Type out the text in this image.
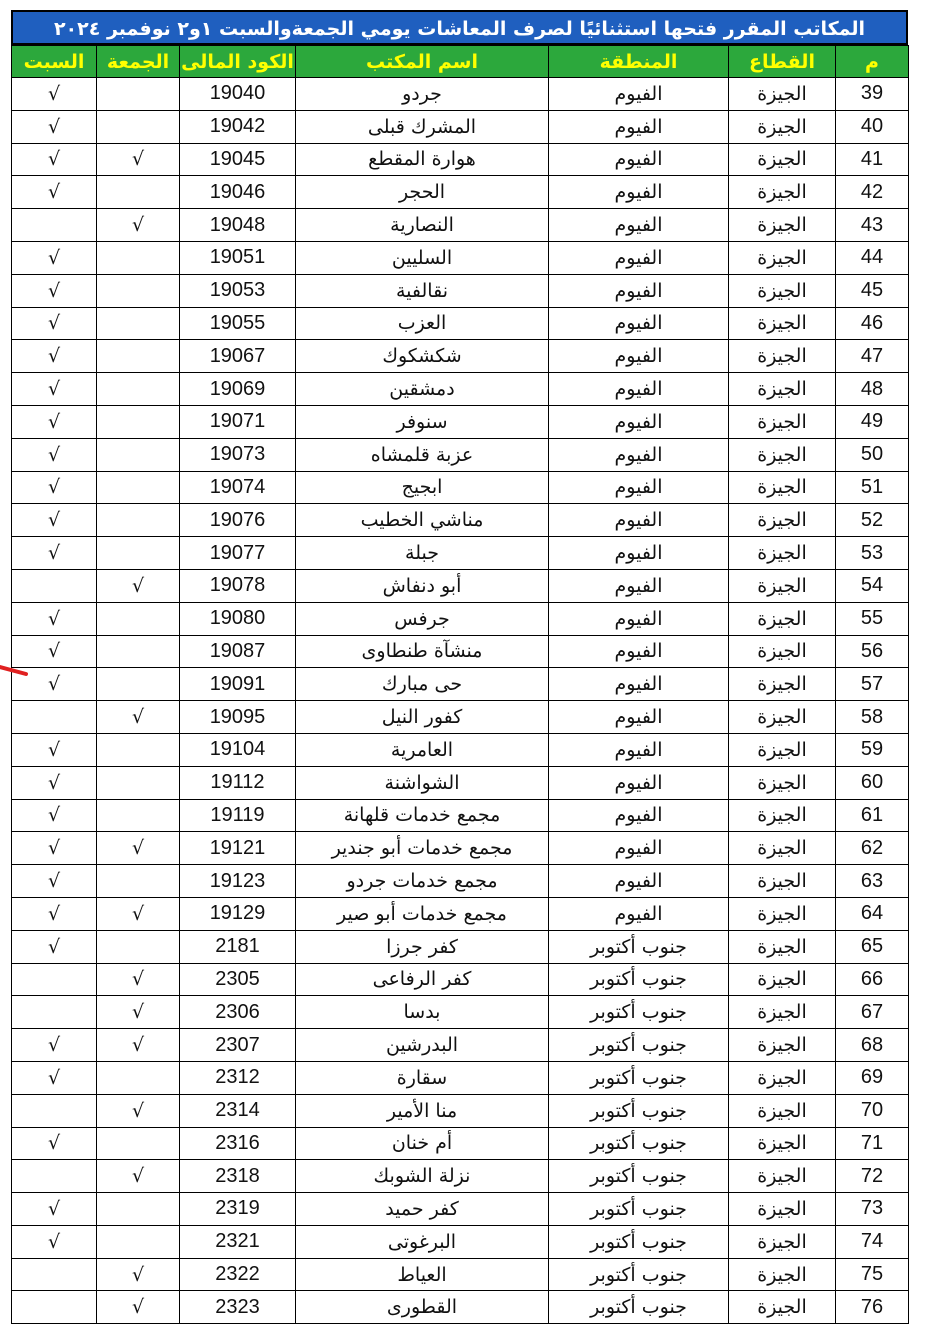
المكاتب المقرر فتحها استثنائيًا لصرف المعاشات يومي الجمعةوالسبت ١و٢ نوفمبر ٢٠٢٤
م	القطاع	المنطقة	اسم المكتب	الكود المالى	الجمعة	السبت
39	الجيزة	الفيوم	جردو	19040		√
40	الجيزة	الفيوم	المشرك قبلى	19042		√
41	الجيزة	الفيوم	هوارة المقطع	19045	√	√
42	الجيزة	الفيوم	الحجر	19046		√
43	الجيزة	الفيوم	النصارية	19048	√	
44	الجيزة	الفيوم	السليين	19051		√
45	الجيزة	الفيوم	نقالفية	19053		√
46	الجيزة	الفيوم	العزب	19055		√
47	الجيزة	الفيوم	شكشكوك	19067		√
48	الجيزة	الفيوم	دمشقين	19069		√
49	الجيزة	الفيوم	سنوفر	19071		√
50	الجيزة	الفيوم	عزبة قلمشاه	19073		√
51	الجيزة	الفيوم	ابجيج	19074		√
52	الجيزة	الفيوم	مناشي الخطيب	19076		√
53	الجيزة	الفيوم	جبلة	19077		√
54	الجيزة	الفيوم	أبو دنفاش	19078	√	
55	الجيزة	الفيوم	جرفس	19080		√
56	الجيزة	الفيوم	منشآة طنطاوى	19087		√
57	الجيزة	الفيوم	حى مبارك	19091		√
58	الجيزة	الفيوم	كفور النيل	19095	√	
59	الجيزة	الفيوم	العامرية	19104		√
60	الجيزة	الفيوم	الشواشنة	19112		√
61	الجيزة	الفيوم	مجمع خدمات قلهانة	19119		√
62	الجيزة	الفيوم	مجمع خدمات أبو جندير	19121	√	√
63	الجيزة	الفيوم	مجمع خدمات جردو	19123		√
64	الجيزة	الفيوم	مجمع خدمات أبو صير	19129	√	√
65	الجيزة	جنوب أكتوبر	كفر جرزا	2181		√
66	الجيزة	جنوب أكتوبر	كفر الرفاعى	2305	√	
67	الجيزة	جنوب أكتوبر	بدسا	2306	√	
68	الجيزة	جنوب أكتوبر	البدرشين	2307	√	√
69	الجيزة	جنوب أكتوبر	سقارة	2312		√
70	الجيزة	جنوب أكتوبر	منا الأمير	2314	√	
71	الجيزة	جنوب أكتوبر	أم خنان	2316		√
72	الجيزة	جنوب أكتوبر	نزلة الشوبك	2318	√	
73	الجيزة	جنوب أكتوبر	كفر حميد	2319		√
74	الجيزة	جنوب أكتوبر	البرغوتى	2321		√
75	الجيزة	جنوب أكتوبر	العياط	2322	√	
76	الجيزة	جنوب أكتوبر	القطورى	2323	√	
